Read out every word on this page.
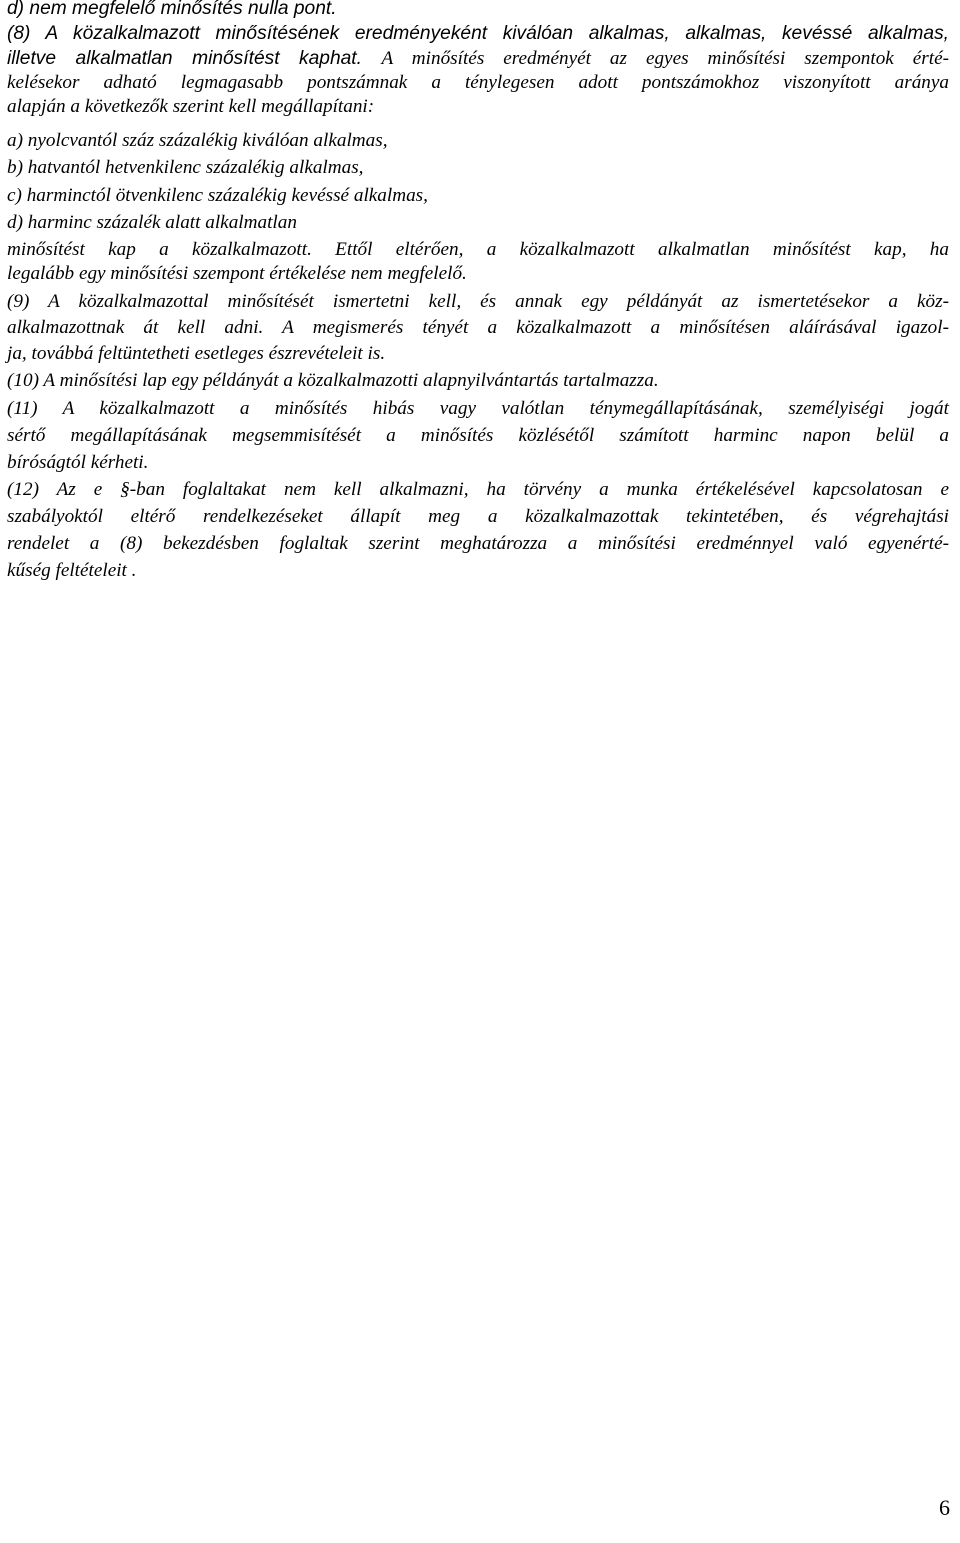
d) nem megfelelő minősítés nulla pont.
(8) A közalkalmazott minősítésének eredményeként kiválóan alkalmas, alkalmas, kevéssé alkalmas,
illetve alkalmatlan minősítést kaphat. A minősítés eredményét az egyes minősítési szempontok érté-
kelésekor adható legmagasabb pontszámnak a ténylegesen adott pontszámokhoz viszonyított aránya
alapján a következők szerint kell megállapítani:
a) nyolcvantól száz százalékig kiválóan alkalmas,
b) hatvantól hetvenkilenc százalékig alkalmas,
c) harminctól ötvenkilenc százalékig kevéssé alkalmas,
d) harminc százalék alatt alkalmatlan
minősítést kap a közalkalmazott. Ettől eltérően, a közalkalmazott alkalmatlan minősítést kap, ha
legalább egy minősítési szempont értékelése nem megfelelő.
(9) A közalkalmazottal minősítését ismertetni kell, és annak egy példányát az ismertetésekor a köz-
alkalmazottnak át kell adni. A megismerés tényét a közalkalmazott a minősítésen aláírásával igazol-
ja, továbbá feltüntetheti esetleges észrevételeit is.
(10) A minősítési lap egy példányát a közalkalmazotti alapnyilvántartás tartalmazza.
(11) A közalkalmazott a minősítés hibás vagy valótlan ténymegállapításának, személyiségi jogát
sértő megállapításának megsemmisítését a minősítés közlésétől számított harminc napon belül a
bíróságtól kérheti.
(12) Az e §-ban foglaltakat nem kell alkalmazni, ha törvény a munka értékelésével kapcsolatosan e
szabályoktól eltérő rendelkezéseket állapít meg a közalkalmazottak tekintetében, és végrehajtási
rendelet a (8) bekezdésben foglaltak szerint meghatározza a minősítési eredménnyel való egyenérté-
kűség feltételeit .
6
